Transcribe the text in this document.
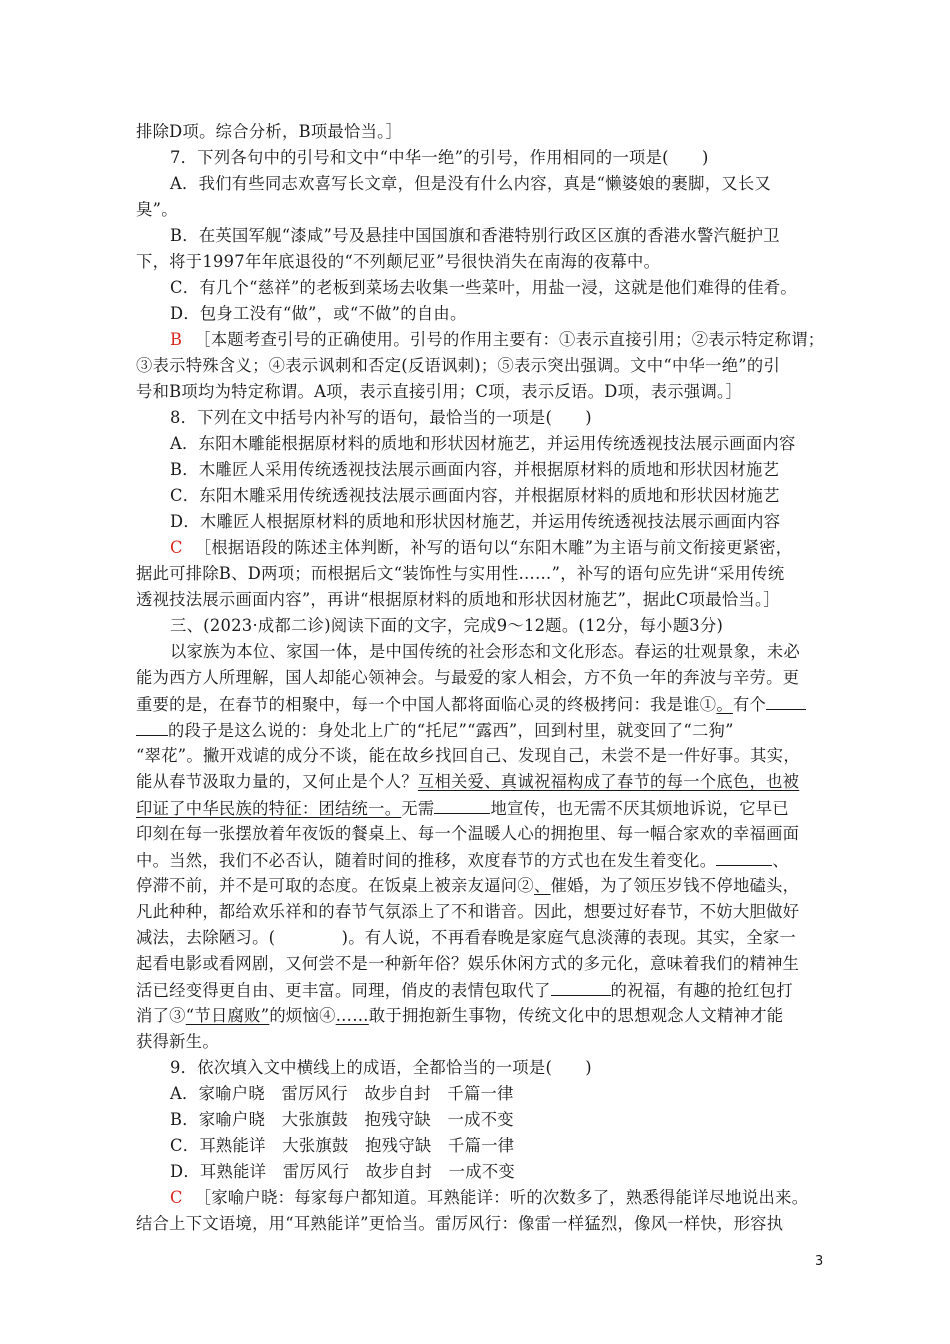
排除D项。综合分析，B项最恰当。］
7．下列各句中的引号和文中“中华一绝”的引号，作用相同的一项是(　　)
A．我们有些同志欢喜写长文章，但是没有什么内容，真是“懒婆娘的裹脚，又长又
臭”。
B．在英国军舰“漆咸”号及悬挂中国国旗和香港特别行政区区旗的香港水警汽艇护卫
下，将于1997年年底退役的“不列颠尼亚”号很快消失在南海的夜幕中。
C．有几个“慈祥”的老板到菜场去收集一些菜叶，用盐一浸，这就是他们难得的佳肴。
D．包身工没有“做”，或“不做”的自由。
B ［本题考查引号的正确使用。引号的作用主要有：①表示直接引用；②表示特定称谓；
③表示特殊含义；④表示讽刺和否定(反语讽刺)；⑤表示突出强调。文中“中华一绝”的引
号和B项均为特定称谓。A项，表示直接引用；C项，表示反语。D项，表示强调。］
8．下列在文中括号内补写的语句，最恰当的一项是(　　)
A．东阳木雕能根据原材料的质地和形状因材施艺，并运用传统透视技法展示画面内容
B．木雕匠人采用传统透视技法展示画面内容，并根据原材料的质地和形状因材施艺
C．东阳木雕采用传统透视技法展示画面内容，并根据原材料的质地和形状因材施艺
D．木雕匠人根据原材料的质地和形状因材施艺，并运用传统透视技法展示画面内容
C ［根据语段的陈述主体判断，补写的语句以“东阳木雕”为主语与前文衔接更紧密，
据此可排除B、D两项；而根据后文“装饰性与实用性……”，补写的语句应先讲“采用传统
透视技法展示画面内容”，再讲“根据原材料的质地和形状因材施艺”，据此C项最恰当。］
三、(2023·成都二诊)阅读下面的文字，完成9～12题。(12分，每小题3分)
以家族为本位、家国一体，是中国传统的社会形态和文化形态。春运的壮观景象，未必
能为西方人所理解，国人却能心领神会。与最爱的家人相会，方不负一年的奔波与辛劳。更
重要的是，在春节的相聚中，每一个中国人都将面临心灵的终极拷问：我是谁①。有个
的段子是这么说的：身处北上广的“托尼”“露西”，回到村里，就变回了“二狗”
“翠花”。撇开戏谑的成分不谈，能在故乡找回自己、发现自己，未尝不是一件好事。其实，
能从春节汲取力量的，又何止是个人？互相关爱、真诚祝福构成了春节的每一个底色，也被
印证了中华民族的特征：团结统一。无需	地宣传，也无需不厌其烦地诉说，它早已
印刻在每一张摆放着年夜饭的餐桌上、每一个温暖人心的拥抱里、每一幅合家欢的幸福画面
中。当然，我们不必否认，随着时间的推移，欢度春节的方式也在发生着变化。	、
停滞不前，并不是可取的态度。在饭桌上被亲友逼问②、催婚，为了领压岁钱不停地磕头，
凡此种种，都给欢乐祥和的春节气氛添上了不和谐音。因此，想要过好春节，不妨大胆做好
减法，去除陋习。(　　　　)。有人说，不再看春晚是家庭气息淡薄的表现。其实，全家一
起看电影或看网剧，又何尝不是一种新年俗？娱乐休闲方式的多元化，意味着我们的精神生
活已经变得更自由、更丰富。同理，俏皮的表情包取代了	的祝福，有趣的抢红包打
消了③“节日腐败”的烦恼④……敢于拥抱新生事物，传统文化中的思想观念人文精神才能
获得新生。
9．依次填入文中横线上的成语，全都恰当的一项是(　　)
A．家喻户晓　雷厉风行　故步自封　千篇一律
B．家喻户晓　大张旗鼓　抱残守缺　一成不变
C．耳熟能详　大张旗鼓　抱残守缺　千篇一律
D．耳熟能详　雷厉风行　故步自封　一成不变
C ［家喻户晓：每家每户都知道。耳熟能详：听的次数多了，熟悉得能详尽地说出来。
结合上下文语境，用“耳熟能详”更恰当。雷厉风行：像雷一样猛烈，像风一样快，形容执
3
